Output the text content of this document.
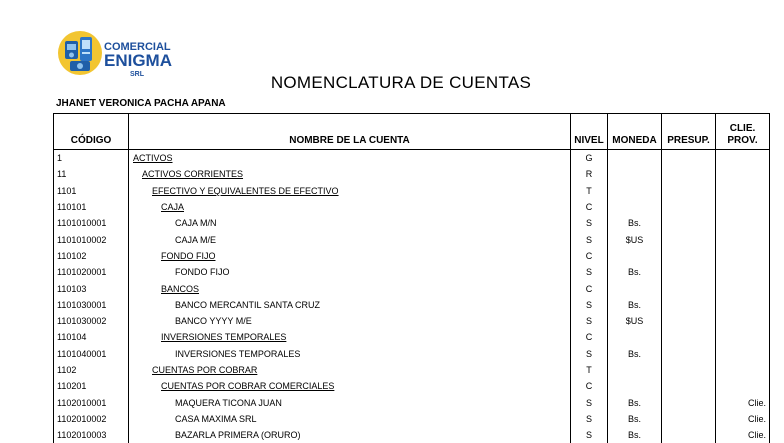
COMERCIAL
ENIGMA
SRL	NOMENCLATURA DE CUENTAS
JHANET VERONICA PACHA APANA
CÓDIGO	NOMBRE DE LA CUENTA	NIVEL	MONEDA	PRESUP.	CLIE.
PROV.
1	ACTIVOS	G			
11	ACTIVOS CORRIENTES	R			
1101	EFECTIVO Y EQUIVALENTES DE EFECTIVO	T			
110101	CAJA	C			
1101010001	CAJA M/N	S	Bs.		
1101010002	CAJA M/E	S	$US		
110102	FONDO FIJO	C			
1101020001	FONDO FIJO	S	Bs.		
110103	BANCOS	C			
1101030001	BANCO MERCANTIL SANTA CRUZ	S	Bs.		
1101030002	BANCO YYYY M/E	S	$US		
110104	INVERSIONES TEMPORALES	C			
1101040001	INVERSIONES TEMPORALES	S	Bs.		
1102	CUENTAS POR COBRAR	T			
110201	CUENTAS POR COBRAR COMERCIALES	C			
1102010001	MAQUERA TICONA JUAN	S	Bs.		Clie.
1102010002	CASA MAXIMA SRL	S	Bs.		Clie.
1102010003	BAZARLA PRIMERA (ORURO)	S	Bs.		Clie.
